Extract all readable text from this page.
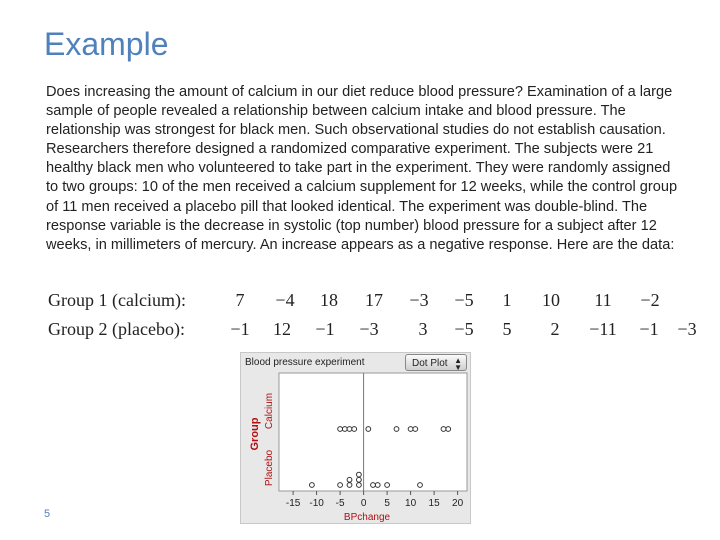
Example
Does increasing the amount of calcium in our diet reduce blood pressure? Examination of a large sample of people revealed a relationship between calcium intake and blood pressure. The relationship was strongest for black men. Such observational studies do not establish causation. Researchers therefore designed a randomized comparative experiment. The subjects were 21 healthy black men who volunteered to take part in the experiment. They were randomly assigned to two groups: 10 of the men received a calcium supplement for 12 weeks, while the control group of 11 men received a placebo pill that looked identical. The experiment was double-blind. The response variable is the decrease in systolic (top number) blood pressure for a subject after 12 weeks, in millimeters of mercury. An increase appears as a negative response. Here are the data:
Group 1 (calcium):	7	−4	18	17	−3	−5	1	10	11	−2
Group 2 (placebo):	−1	12	−1	−3	3	−5	5	2	−11	−1	−3
5
-15 -10 -5 0 5 10 15 20
BPchange
Group
Calcium
Placebo
Blood pressure experiment	Dot Plot ▲
▼
